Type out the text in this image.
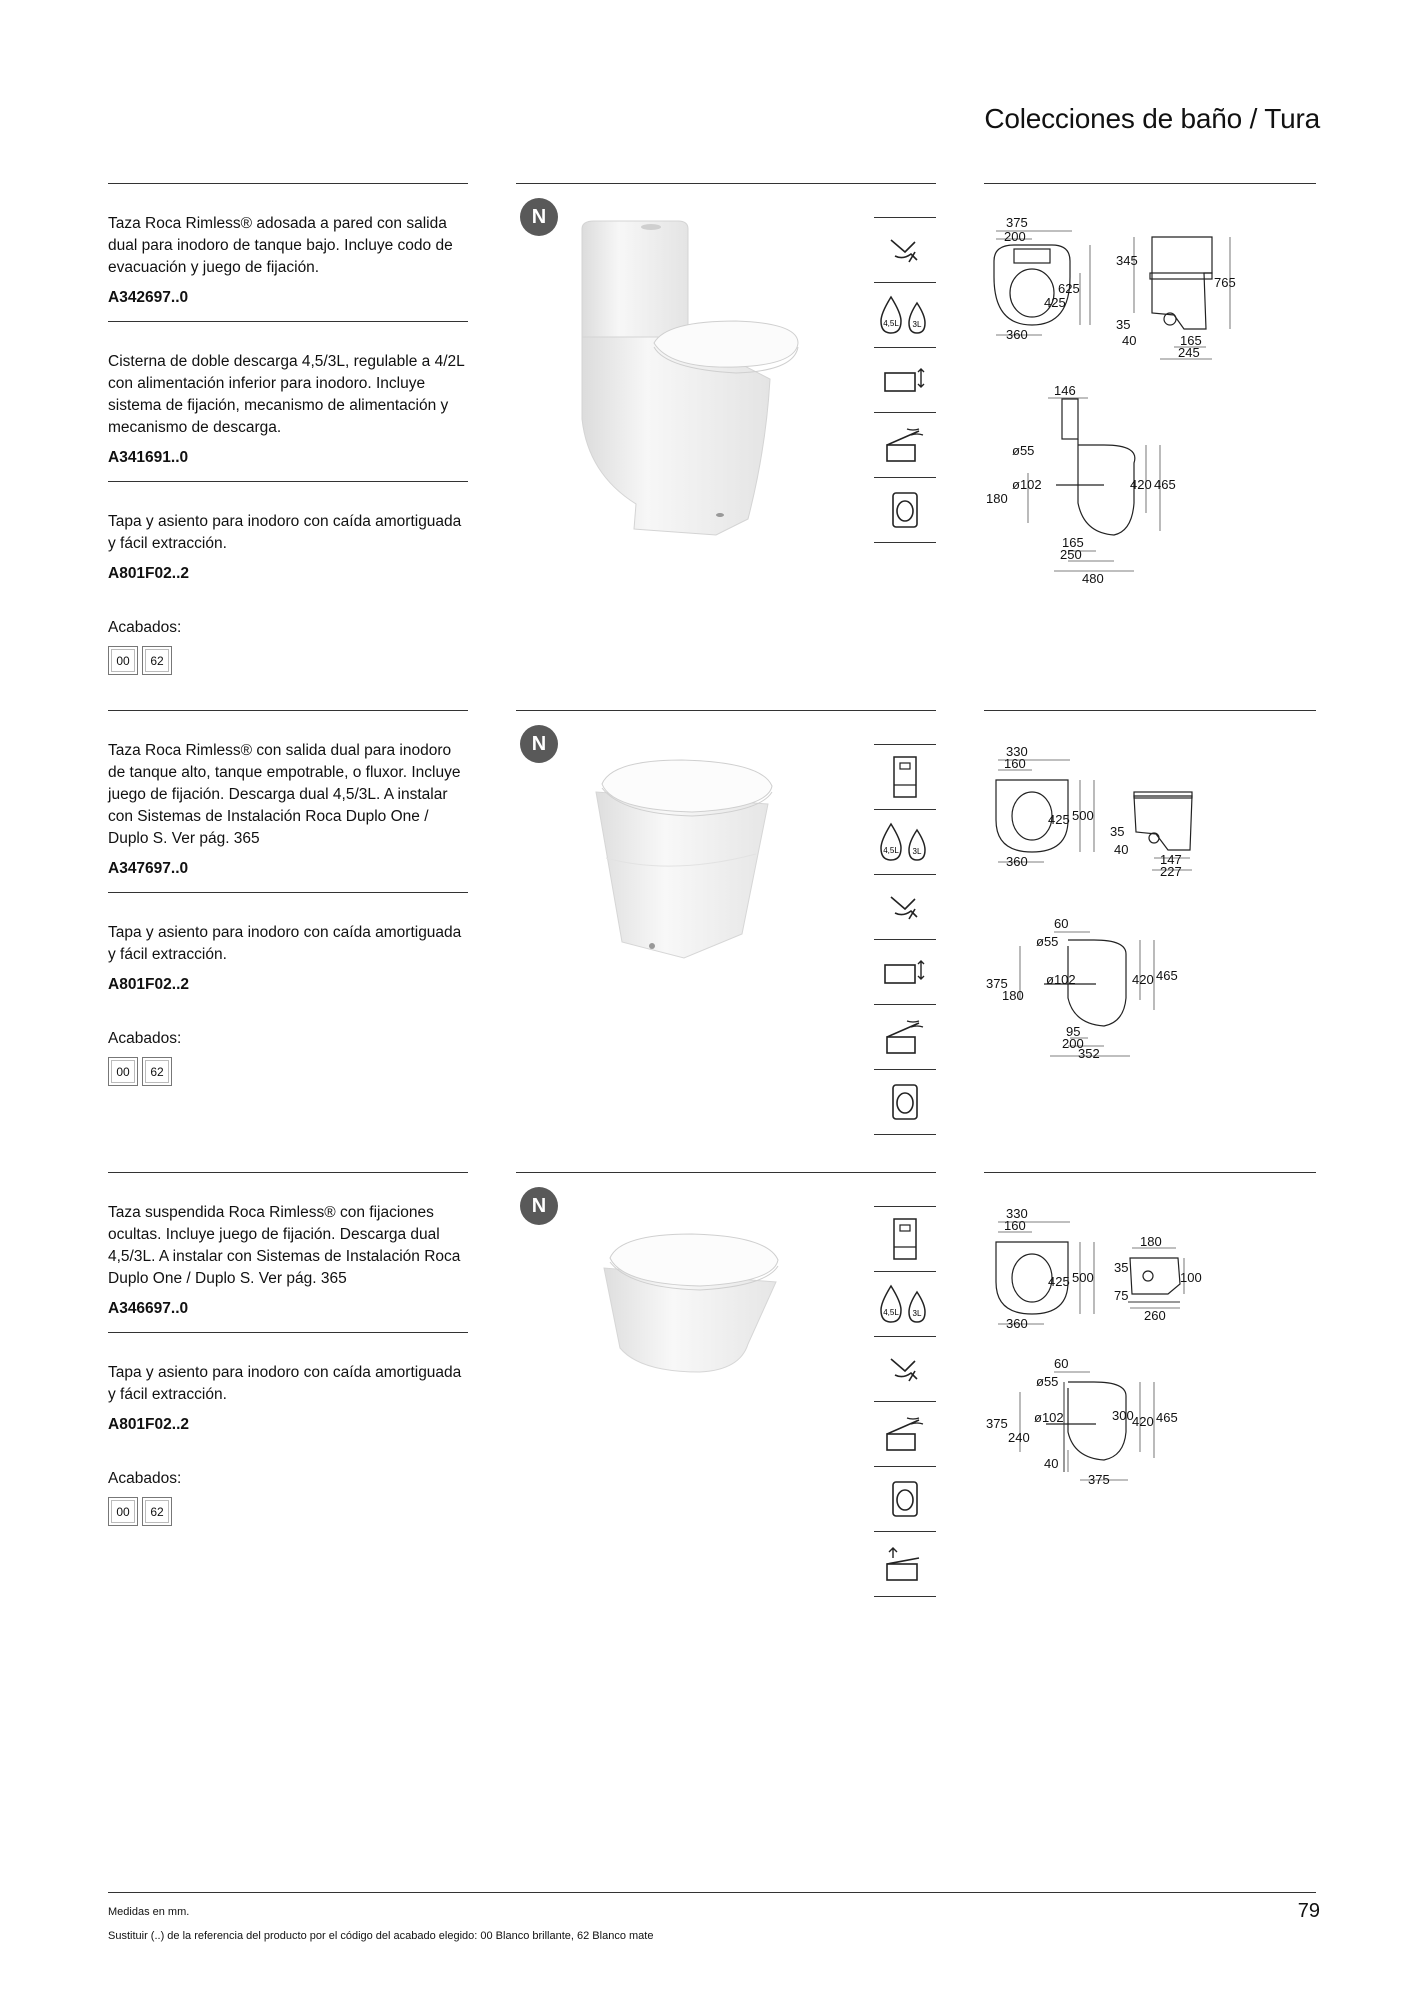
Colecciones de baño / Tura

Taza Roca Rimless® adosada a pared con salida dual para inodoro de tanque bajo. Incluye codo de evacuación y juego de fijación.

A342697..0

Cisterna de doble descarga 4,5/3L, regulable a 4/2L con alimentación inferior para inodoro. Incluye sistema de fijación, mecanismo de alimentación y mecanismo de descarga.

A341691..0

Tapa y asiento para inodoro con caída amortiguada y fácil extracción.

A801F02..2

Acabados:
00	62
N
4,5L 3L
375
200
625
425
360
345
765
35
40	165
245
146
ø55
ø102
180
420 465
165
250
480

Taza Roca Rimless® con salida dual para inodoro de tanque alto, tanque empotrable, o fluxor. Incluye juego de fijación. Descarga dual 4,5/3L. A instalar con Sistemas de Instalación Roca Duplo One / Duplo S. Ver pág. 365

A347697..0

Tapa y asiento para inodoro con caída amortiguada y fácil extracción.

A801F02..2

Acabados:
00	62
N
4,5L 3L
330
160
425 500
360
35
40
147
227
60
ø55
375	ø102
180
420 465
95
200
352

Taza suspendida Roca Rimless® con fijaciones ocultas. Incluye juego de fijación. Descarga dual 4,5/3L. A instalar con Sistemas de Instalación Roca Duplo One / Duplo S. Ver pág. 365

A346697..0

Tapa y asiento para inodoro con caída amortiguada y fácil extracción.

A801F02..2

Acabados:
00	62
N
4,5L 3L
330
160
425 500
360
180
35
100
75
260
60
ø55
ø102
375
240
300
420 465
40
375
Medidas en mm.
Sustituir (..) de la referencia del producto por el código del acabado elegido: 00 Blanco brillante, 62 Blanco mate
79
